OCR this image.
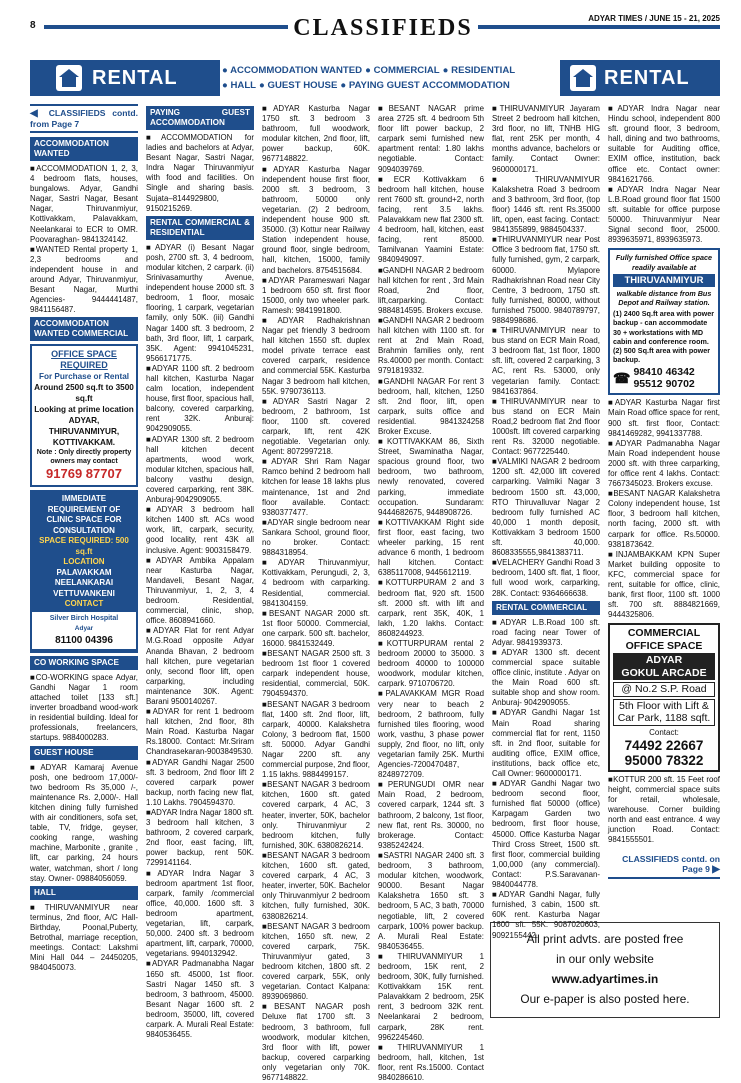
8	CLASSIFIEDS	ADYAR TIMES / JUNE 15 - 21, 2025
RENTAL	● ACCOMMODATION WANTED ● COMMERCIAL ● RESIDENTIAL
● HALL ● GUEST HOUSE ● PAYING GUEST ACCOMMODATION	RENTAL
◀ CLASSIFIEDS contd. from Page 7
ACCOMMODATION WANTED

■ACCOMMODATION 1, 2, 3, 4 bedroom flats, houses, bungalows. Adyar, Gandhi Nagar, Sastri Nagar, Besant Nagar, Thiruvanmiyur, Kottivakkam, Palavakkam, Neelankarai to ECR to OMR. Poovaraghan- 9841324142.

■WANTED Rental property 1, 2,3 bedrooms and independent house in and around Adyar, Thiruvanmiyur, Besant Nagar, Murthi Agencies- 9444441487, 9841156487.

ACCOMMODATION WANTED COMMERCIAL
OFFICE SPACE REQUIRED
For Purchase or Rental
Around 2500 sq.ft to 3500 sq.ft
Looking at prime location
ADYAR,
THIRUVANMIYUR,
KOTTIVAKKAM.
Note : Only directly property owners may contact
91769 87707
IMMEDIATE
REQUIREMENT OF
CLINIC SPACE FOR
CONSULTATION
SPACE REQUIRED: 500 sq.ft
LOCATION
PALAVAKKAM
NEELANKARAI
VETTUVANKENI
CONTACT
Silver Birch Hospital
Adyar
81100 04396
CO WORKING SPACE

■CO-WORKING space Adyar, Gandhi Nagar 1 room attached toilet [133 sft.] inverter broadband wood-work in residential building. Ideal for professionals, freelancers, startups. 9884000283.

GUEST HOUSE

■ADYAR Kamaraj Avenue posh, one bedroom 17,000/- two bedroom Rs 35,000 /-, maintenance Rs. 2,000/-. Hall kitchen dining fully furnished with air conditioners, sofa set, table, TV, fridge, geyser, cooking range, washing machine, Marbonite , granite , lift, car parking, 24 hours water, watchman, short / long stay. Owner- 09884056059.

HALL

■THIRUVANMIYUR near terminus, 2nd floor, A/C Hall- Birthday, Poonal,Puberty, Betrothal, marriage reception, meetings. Contact: Lakshmi Mini Hall 044 – 24450205, 9840450073.

PAYING GUEST ACCOMMODATION

■ACCOMMODATION for ladies and bachelors at Adyar, Besant Nagar, Sastri Nagar, Indra Nagar Thiruvanmiyur with food and facilities. On Single and sharing basis. Sujata–8144929800, 9150215269.

RENTAL COMMERCIAL & RESIDENTIAL

■ADYAR (i) Besant Nagar posh, 2700 sft. 3, 4 bedroom, modular kitchen, 2 carpark. (ii) Srinivasamurthy Avenue, independent house 2000 sft. 3 bedroom, 1 floor, mosaic flooring, 1 carpark, vegetarian family, only 50K. (iii) Gandhi Nagar 1400 sft. 3 bedroom, 2 bath, 3rd floor, lift, 1 carpark, 35K. Agent: 9941045231, 9566171775.

■ADYAR 1100 sft. 2 bedroom hall kitchen, Kasturba Nagar calm location, independent house, first floor, spacious hall, balcony, covered carparking, rent 32K. Anburaj: 9042909055.

■ADYAR 1300 sft. 2 bedroom hall kitchen decent apartments, wood work, modular kitchen, spacious hall, balcony vasthu design, covered carparking, rent 38K. Anburaj-9042909055.

■ADYAR 3 bedroom hall kitchen 1400 sft. ACs wood work, lift, carpark, security, good locality, rent 43K all inclusive. Agent: 9003158479.

■ADYAR Ambika Appalam near Kasturba Nagar, Mandaveli, Besant Nagar, Thiruvanmiyur, 1, 2, 3, 4 bedroom. Residential, commercial, clinic, shop, office. 8608941660.

■ADYAR Flat for rent Adyar M.G.Road opposite Adyar Ananda Bhavan, 2 bedroom hall kitchen, pure vegetarian only, second floor lift, open carparking, including maintenance 30K. Agent: Barani 9500140267.

■ADYAR for rent 1 bedroom hall kitchen, 2nd floor, 8th Main Road. Kasturba Nagar Rs.18000. Contact: Mr.Sriram Chandrasekaran-9003849530.

■ADYAR Gandhi Nagar 2500 sft. 3 bedroom, 2nd floor lift 2 covered carpark power backup, north facing new flat, 1.10 Lakhs. 7904594370.

■ADYAR Indra Nagar 1800 sft. 3 bedroom hall kitchen, 3 bathroom, 2 covered carpark, 2nd floor, east facing, lift, power backup, rent 50K. 7299141164.

■ADYAR Indra Nagar 3 bedroom apartment 1st floor, carpark, family /commercial office, 40,000. 1600 sft. 3 bedroom apartment, vegetarian, lift, carpark, 50,000. 2400 sft. 3 bedroom apartment, lift, carpark, 70000, vegetarians. 9940132942.

■ADYAR Padmanabha Nagar 1650 sft. 45000, 1st floor. Sastri Nagar 1450 sft. 3 bedroom, 3 bathroom, 45000. Besant Nagar 1600 sft. 2 bedroom, 35000, lift, covered carpark. A. Murali Real Estate: 9840536455.

■ADYAR Kasturba Nagar 1750 sft. 3 bedroom 3 bathroom, full woodwork, modular kitchen, 2nd floor, lift, power backup, 60K. 9677148822.

■ADYAR Kasturba Nagar independent house first floor, 2000 sft. 3 bedroom, 3 bathroom, 50000 only vegetarian. (2) 2 bedroom, independent house 900 sft. 35000. (3) Kottur near Railway Station independent house, ground floor, single bedroom, hall, kitchen, 15000, family and bachelors. 8754515684.

■ADYAR Parameswari Nagar 1 bedroom 650 sft. first floor 15000, only two wheeler park. Ramesh: 9841991800.

■ADYAR Radhakrishnan Nagar pet friendly 3 bedroom hall kitchen 1550 sft. duplex model private terrace east covered carpark, residence and commercial 55K. Kasturba Nagar 3 bedroom hall kitchen, 55K. 9790736113.

■ADYAR Sastri Nagar 2 bedroom, 2 bathroom, 1st floor, 1100 sft. covered carpark, lift, rent 42K negotiable. Vegetarian only. Agent: 8072997218.

■ADYAR Shri Ram Nagar Ramco behind 2 bedroom hall kitchen for lease 18 lakhs plus maintenance, 1st and 2nd floor available. Contact: 9380377477.

■ADYAR single bedroom near Sankara School, ground floor, no broker. Contact: 9884318954.

■ADYAR Thiruvanmiyur, Kottivakkam, Perungudi, 2, 3, 4 bedroom with carparking. Residential, commercial. 9841304159.

■BESANT NAGAR 2000 sft. 1st floor 50000. Commercial, one carpark. 500 sft. bachelor, 16000. 9841532449.

■BESANT NAGAR 2500 sft. 3 bedroom 1st floor 1 covered carpark independent house, residential, commercial, 50K. 7904594370.

■BESANT NAGAR 3 bedroom flat, 1400 sft. 2nd floor, lift, carpark, 40000. Kalakshetra Colony, 3 bedroom flat, 1500 sft. 50000. Adyar Gandhi Nagar 2200 sft. any commercial purpose, 2nd floor, 1.15 lakhs. 9884499157.

■BESANT NAGAR 3 bedroom kitchen, 1600 sft. gated covered carpark, 4 AC, 3 heater, inverter, 50K, bachelor only. Thiruvanmiyur 2 bedroom kitchen, fully furnished, 30K. 6380826214.

■BESANT NAGAR 3 bedroom kitchen, 1600 sft. gated, covered carpark, 4 AC, 3 heater, inverter, 50K. Bachelor only Thiruvanmiyur 2 bedroom kitchen, fully furnished, 30K. 6380826214.

■BESANT NAGAR 3 bedroom kitchen, 1650 sft. new, 2 covered carpark, 75K. Thiruvanmiyur gated, 3 bedroom kitchen, 1800 sft. 2 covered carpark, 55K, only vegetarian. Contact Kalpana: 8939069860.

■BESANT NAGAR posh Deluxe flat 1700 sft. 3 bedroom, 3 bathroom, full woodwork, modular kitchen, 3rd floor with lift, power backup, covered carparking only vegetarian only 70K. 9677148822.

■BESANT NAGAR prime area 2725 sft. 4 bedroom 5th floor lift power backup, 2 carpark semi furnished new apartment rental: 1.80 lakhs negotiable. Contact: 9094039769.

■ECR Kottivakkam 6 bedroom hall kitchen, house rent 7600 sft. ground+2, north facing, rent 3.5 lakhs. Palavakkam new flat 2300 sft. 4 bedroom, hall, kitchen, east facing, rent 85000. Tamilvanan Yaamini Estate: 9840949097.

■GANDHI NAGAR 2 bedroom hall kitchen for rent , 3rd Main Road, 2nd floor, lift,carparking. Contact: 9884814595. Brokers excuse.

■GANDHI NAGAR 2 bedroom hall kitchen with 1100 sft. for rent at 2nd Main Road, Brahmin families only, rent Rs.40000 per month. Contact: 9791819332.

■GANDHI NAGAR For rent 3 bedroom, hall, kitchen, 1250 sft. 2nd floor, lift, open carpark, suits office and residential. 9841324258 Broker Excuse.

■KOTTIVAKKAM 86, Sixth Street, Swaminatha Nagar, spacious ground floor, two bedroom, two bathroom, newly renovated, covered parking, immediate occupation. Sundaram: 9444682675, 9448908726.

■KOTTIVAKKAM Right side first floor, east facing, two wheeler parking, 15 rent advance 6 month, 1 bedroom hall kitchen. Contact: 6385117008, 9445612119.

■KOTTURPURAM 2 and 3 bedroom flat, 920 sft. 1500 sft. 2000 sft. with lift and carpark, rent 35K, 40K, 1 lakh, 1.20 lakhs. Contact: 8608244923.

■KOTTURPURAM rental 2 bedroom 20000 to 35000. 3 bedroom 40000 to 100000 woodwork, modular kitchen, carpark. 9710706720.

■PALAVAKKAM MGR Road very near to beach 2 bedroom, 2 bathroom, fully furnished tiles flooring, wood work, vasthu, 3 phase power supply, 2nd floor, no lift, only vegetarian family 25K. Murthi Agencies-7200470487, 8248972709.

■PERUNGUDI OMR near Main Road, 2 bedroom, covered carpark, 1244 sft. 3 bathroom, 2 balcony, 1st floor, new flat, rent Rs. 30000, no brokerage. Contact: 9385242424.

■SASTRI NAGAR 2400 sft. 3 bedroom, 3 bathroom, modular kitchen, woodwork, 90000. Besant Nagar Kalakshetra 1650 sft. 3 bedroom, 5 AC, 3 bath, 70000 negotiable, lift, 2 covered carpark, 100% power backup. A. Murali Real Estate: 9840536455.

■THIRUVANMIYUR 1 bedroom, 15K rent, 2 bedroom, 30K, fully furnished. Kottivakkam 15K rent. Palavakkam 2 bedroom, 25K rent, 3 bedroom 32K rent. Neelankarai 2 bedroom, carpark, 28K rent. 9962245460.

■THIRUVANMIYUR 1 bedroom, hall, kitchen, 1st floor, rent Rs.15000. Contact 9840286610.

■THIRUVANMIYUR Jayaram Street 2 bedroom hall kitchen, 3rd floor, no lift, TNHB HIG flat, rent 25K per month, 4 months advance, bachelors or family. Contact Owner: 9600000171.

■THIRUVANMIYUR Kalakshetra Road 3 bedroom and 3 bathroom, 3rd floor, (top floor) 1446 sft. rent Rs.35000 lift, open, east facing. Contact: 9841355899, 9884504337.

■THIRUVANMIYUR near Post Office 3 bedroom flat, 1750 sft. fully furnished, gym, 2 carpark, 60000. Mylapore Radhakrishnan Road near City Centre, 3 bedroom, 1750 sft. fully furnished, 80000, without furnished 75000. 9840789797, 9884998686.

■THIRUVANMIYUR near to bus stand on ECR Main Road, 3 bedroom flat, 1st floor, 1800 sft. lift, covered 2 carparking, 3 AC, rent Rs. 53000, only vegetarian family. Contact: 9841637864.

■THIRUVANMIYUR near to bus stand on ECR Main Road,2 bedroom flat 2nd floor 1000sft. lift covered carparking rent Rs. 32000 negotiable. Contact: 9677225440.

■VALMIKI NAGAR 2 bedroom 1200 sft. 42,000 lift covered carparking. Valmiki Nagar 3 bedroom 1500 sft. 43,000, RTO Thiruvalluvar Nagar 2 bedroom fully furnished AC 40,000 1 month deposit, Kottivakkam 3 bedroom 1500 sft. 40,000. 8608335555,9841383711.

■VELACHERY Gandhi Road 3 bedroom, 1400 sft. flat, 1 floor, full wood work, carparking, 28K. Contact: 9364666638.

RENTAL COMMERCIAL

■ADYAR L.B.Road 100 sft. road facing near Tower of Adyar. 9841939373.

■ADYAR 1300 sft. decent commercial space suitable office clinic, institute . Adyar on the Main Road 600 sft. suitable shop and show room. Anburaj- 9042909055.

■ADYAR Gandhi Nagar 1st Main Road sharing commercial flat for rent, 1150 sft. in 2nd floor, suitable for auditing office, EXIM office, institutions, back office etc, Call Owner: 9600000171.

■ADYAR Gandhi Nagar two bedroom second floor, furnished flat 50000 (office) Karpagam Garden two bedroom, first floor house, 45000. Office Kasturba Nagar Third Cross Street, 1500 sft. first floor, commercial building 1,00,000 (any commercial). Contact: P.S.Saravanan-9840044778.

■ADYAR Gandhi Nagar, fully furnished, 3 cabin, 1500 sft. 60K rent. Kasturba Nagar 1600 sft. 55K. 9087020603, 9092155442.

■ADYAR Indra Nagar near Hindu school, independent 800 sft. ground floor, 3 bedroom, hall, dining and two bathrooms, suitable for Auditing office, EXIM office, institution, back office etc. Contact owner: 9841621766.

■ADYAR Indra Nagar Near L.B.Road ground floor flat 1500 sft. suitable for office purpose 50000. Thiruvanmiyur Near Signal second floor, 25000. 8939635971, 8939635973.

Fully furnished Office space readily available at
THIRUVANMIYUR
walkable distance from Bus Depot and Railway station.
(1) 2400 Sq.ft area with power backup - can accommodate 30 + workstations with MD cabin and conference room.
(2) 500 Sq.ft area with power backup.
☎ 98410 46342
95512 90702

■ADYAR Kasturba Nagar first Main Road office space for rent, 900 sft. first floor, Contact: 9841469282, 9941337788.

■ADYAR Padmanabha Nagar Main Road independent house 2000 sft. with three carparking, for office rent 4 lakhs. Contact: 7667345023. Brokers excuse.

■BESANT NAGAR Kalakshetra Colony independent house, 1st floor, 3 bedroom hall kitchen, north facing, 2000 sft. with carpark for office. Rs.50000. 9381873642.

■INJAMBAKKAM KPN Super Market building opposite to KFC, commercial space for rent, suitable for office, clinic, bank, first floor, 1100 sft. 1000 sft. 700 sft. 8884821669, 9444325806.

COMMERCIAL
OFFICE SPACE
ADYAR
GOKUL ARCADE
@ No.2 S.P. Road
5th Floor with Lift &
Car Park, 1188 sqft.
Contact:
74492 22667
95000 78322

■KOTTUR 200 sft. 15 Feet roof height, commercial space suits for retail, wholesale, warehouse. Corner building north and east entrance. 4 way junction Road. Contact: 9841555501.

CLASSIFIEDS contd. on Page 9 ▶
All print advts. are posted free
in our only website
www.adyartimes.in
Our e-paper is also posted here.
